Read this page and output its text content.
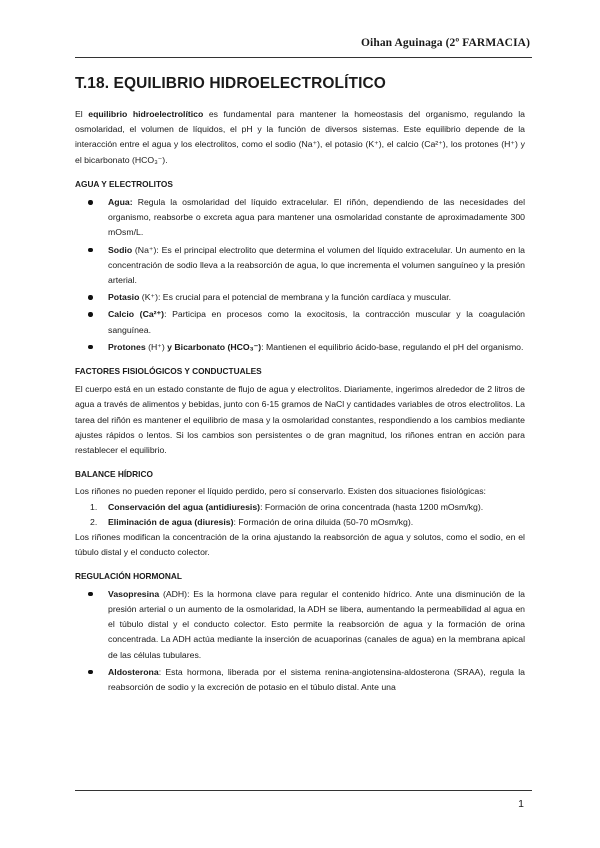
Oihan Aguinaga (2º FARMACIA)
T.18. EQUILIBRIO HIDROELECTROLÍTICO

El equilibrio hidroelectrolítico es fundamental para mantener la homeostasis del organismo, regulando la osmolaridad, el volumen de líquidos, el pH y la función de diversos sistemas. Este equilibrio depende de la interacción entre el agua y los electrolitos, como el sodio (Na⁺), el potasio (K⁺), el calcio (Ca²⁺), los protones (H⁺) y el bicarbonato (HCO₃⁻).

AGUA Y ELECTROLITOS
Agua: Regula la osmolaridad del líquido extracelular. El riñón, dependiendo de las necesidades del organismo, reabsorbe o excreta agua para mantener una osmolaridad constante de aproximadamente 300 mOsm/L.
Sodio (Na⁺): Es el principal electrolito que determina el volumen del líquido extracelular. Un aumento en la concentración de sodio lleva a la reabsorción de agua, lo que incrementa el volumen sanguíneo y la presión arterial.
Potasio (K⁺): Es crucial para el potencial de membrana y la función cardíaca y muscular.
Calcio (Ca²⁺): Participa en procesos como la exocitosis, la contracción muscular y la coagulación sanguínea.
Protones (H⁺) y Bicarbonato (HCO₃⁻): Mantienen el equilibrio ácido-base, regulando el pH del organismo.
FACTORES FISIOLÓGICOS Y CONDUCTUALES

El cuerpo está en un estado constante de flujo de agua y electrolitos. Diariamente, ingerimos alrededor de 2 litros de agua a través de alimentos y bebidas, junto con 6-15 gramos de NaCl y cantidades variables de otros electrolitos. La tarea del riñón es mantener el equilibrio de masa y la osmolaridad constantes, respondiendo a los cambios mediante ajustes rápidos o lentos. Si los cambios son persistentes o de gran magnitud, los riñones entran en acción para restablecer el equilibrio.

BALANCE HÍDRICO

Los riñones no pueden reponer el líquido perdido, pero sí conservarlo. Existen dos situaciones fisiológicas:

1. Conservación del agua (antidiuresis): Formación de orina concentrada (hasta 1200 mOsm/kg).
2. Eliminación de agua (diuresis): Formación de orina diluida (50-70 mOsm/kg).

Los riñones modifican la concentración de la orina ajustando la reabsorción de agua y solutos, como el sodio, en el túbulo distal y el conducto colector.

REGULACIÓN HORMONAL
Vasopresina (ADH): Es la hormona clave para regular el contenido hídrico. Ante una disminución de la presión arterial o un aumento de la osmolaridad, la ADH se libera, aumentando la permeabilidad al agua en el túbulo distal y el conducto colector. Esto permite la reabsorción de agua y la formación de orina concentrada. La ADH actúa mediante la inserción de acuaporinas (canales de agua) en la membrana apical de las células tubulares.
Aldosterona: Esta hormona, liberada por el sistema renina-angiotensina-aldosterona (SRAA), regula la reabsorción de sodio y la excreción de potasio en el túbulo distal. Ante una
1
